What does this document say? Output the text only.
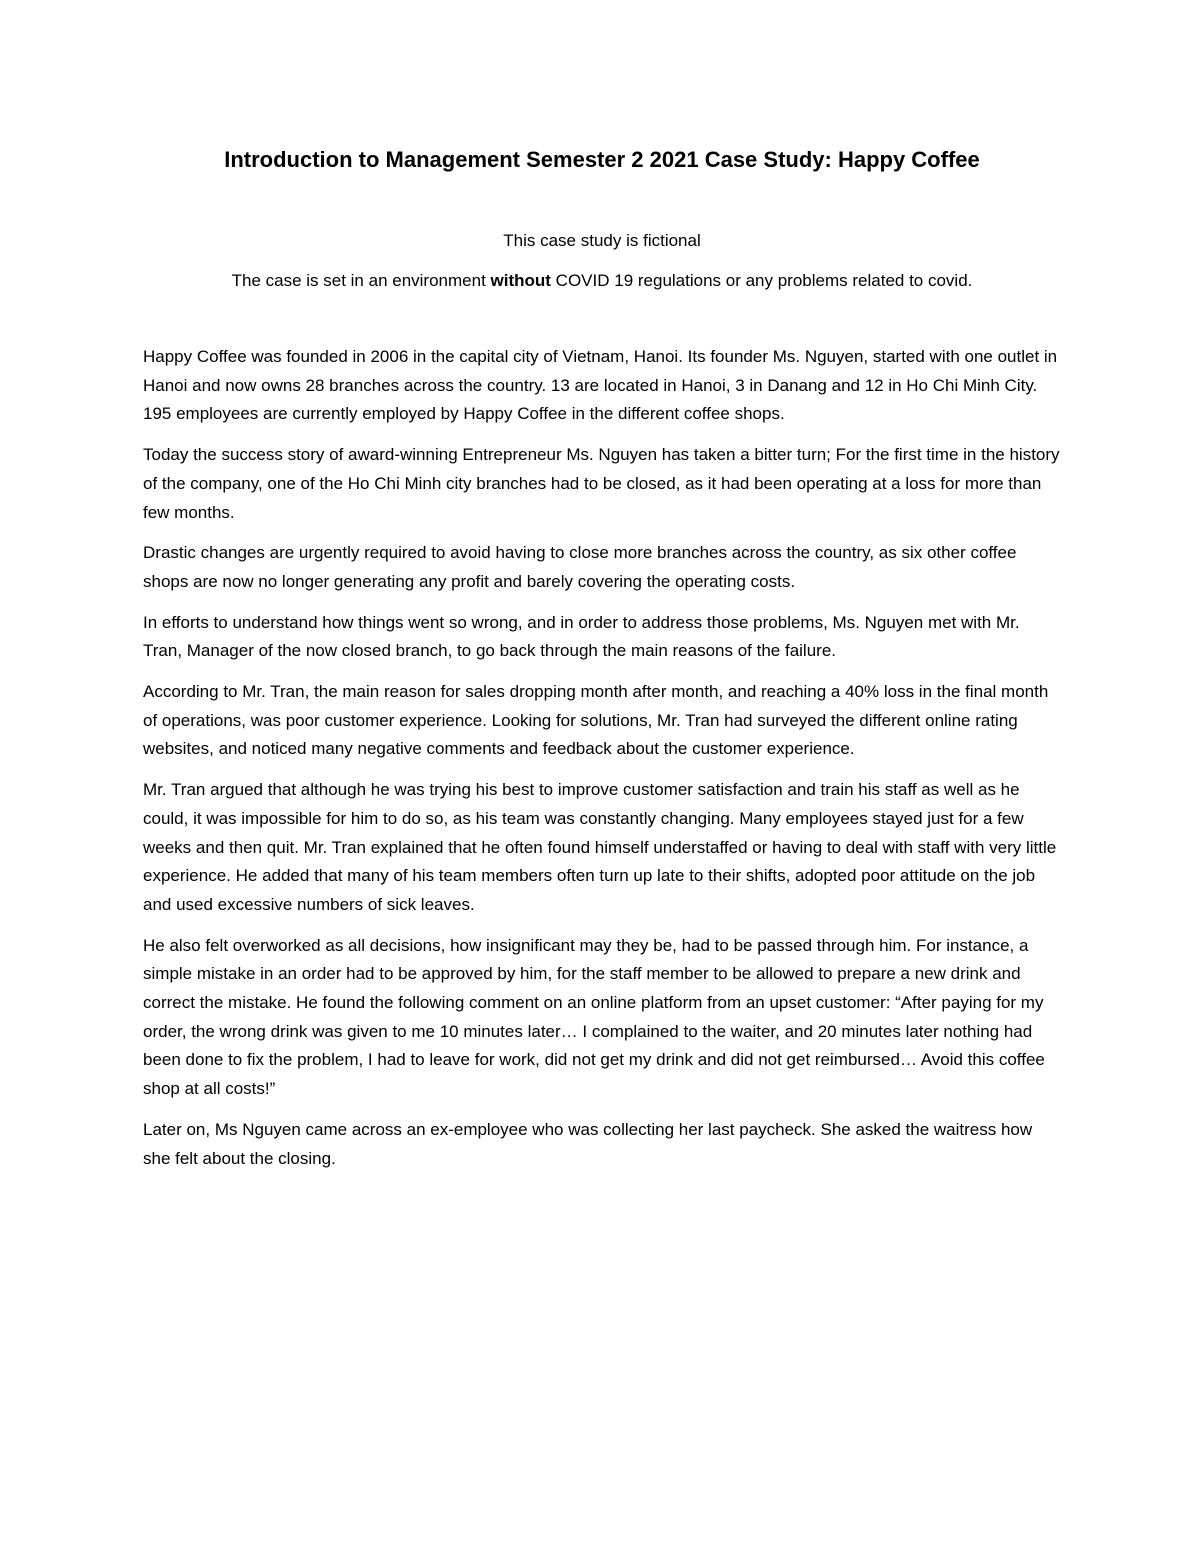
Introduction to Management Semester 2 2021 Case Study: Happy Coffee

This case study is fictional

The case is set in an environment without COVID 19 regulations or any problems related to covid.

Happy Coffee was founded in 2006 in the capital city of Vietnam, Hanoi. Its founder Ms. Nguyen, started with one outlet in Hanoi and now owns 28 branches across the country. 13 are located in Hanoi, 3 in Danang and 12 in Ho Chi Minh City. 195 employees are currently employed by Happy Coffee in the different coffee shops.

Today the success story of award-winning Entrepreneur Ms. Nguyen has taken a bitter turn; For the first time in the history of the company, one of the Ho Chi Minh city branches had to be closed, as it had been operating at a loss for more than few months.

Drastic changes are urgently required to avoid having to close more branches across the country, as six other coffee shops are now no longer generating any profit and barely covering the operating costs.

In efforts to understand how things went so wrong, and in order to address those problems, Ms. Nguyen met with Mr. Tran, Manager of the now closed branch, to go back through the main reasons of the failure.

According to Mr. Tran, the main reason for sales dropping month after month, and reaching a 40% loss in the final month of operations, was poor customer experience. Looking for solutions, Mr. Tran had surveyed the different online rating websites, and noticed many negative comments and feedback about the customer experience.

Mr. Tran argued that although he was trying his best to improve customer satisfaction and train his staff as well as he could, it was impossible for him to do so, as his team was constantly changing. Many employees stayed just for a few weeks and then quit. Mr. Tran explained that he often found himself understaffed or having to deal with staff with very little experience. He added that many of his team members often turn up late to their shifts, adopted poor attitude on the job and used excessive numbers of sick leaves.

He also felt overworked as all decisions, how insignificant may they be, had to be passed through him. For instance, a simple mistake in an order had to be approved by him, for the staff member to be allowed to prepare a new drink and correct the mistake. He found the following comment on an online platform from an upset customer: “After paying for my order, the wrong drink was given to me 10 minutes later… I complained to the waiter, and 20 minutes later nothing had been done to fix the problem, I had to leave for work, did not get my drink and did not get reimbursed… Avoid this coffee shop at all costs!”

Later on, Ms Nguyen came across an ex-employee who was collecting her last paycheck. She asked the waitress how she felt about the closing.
